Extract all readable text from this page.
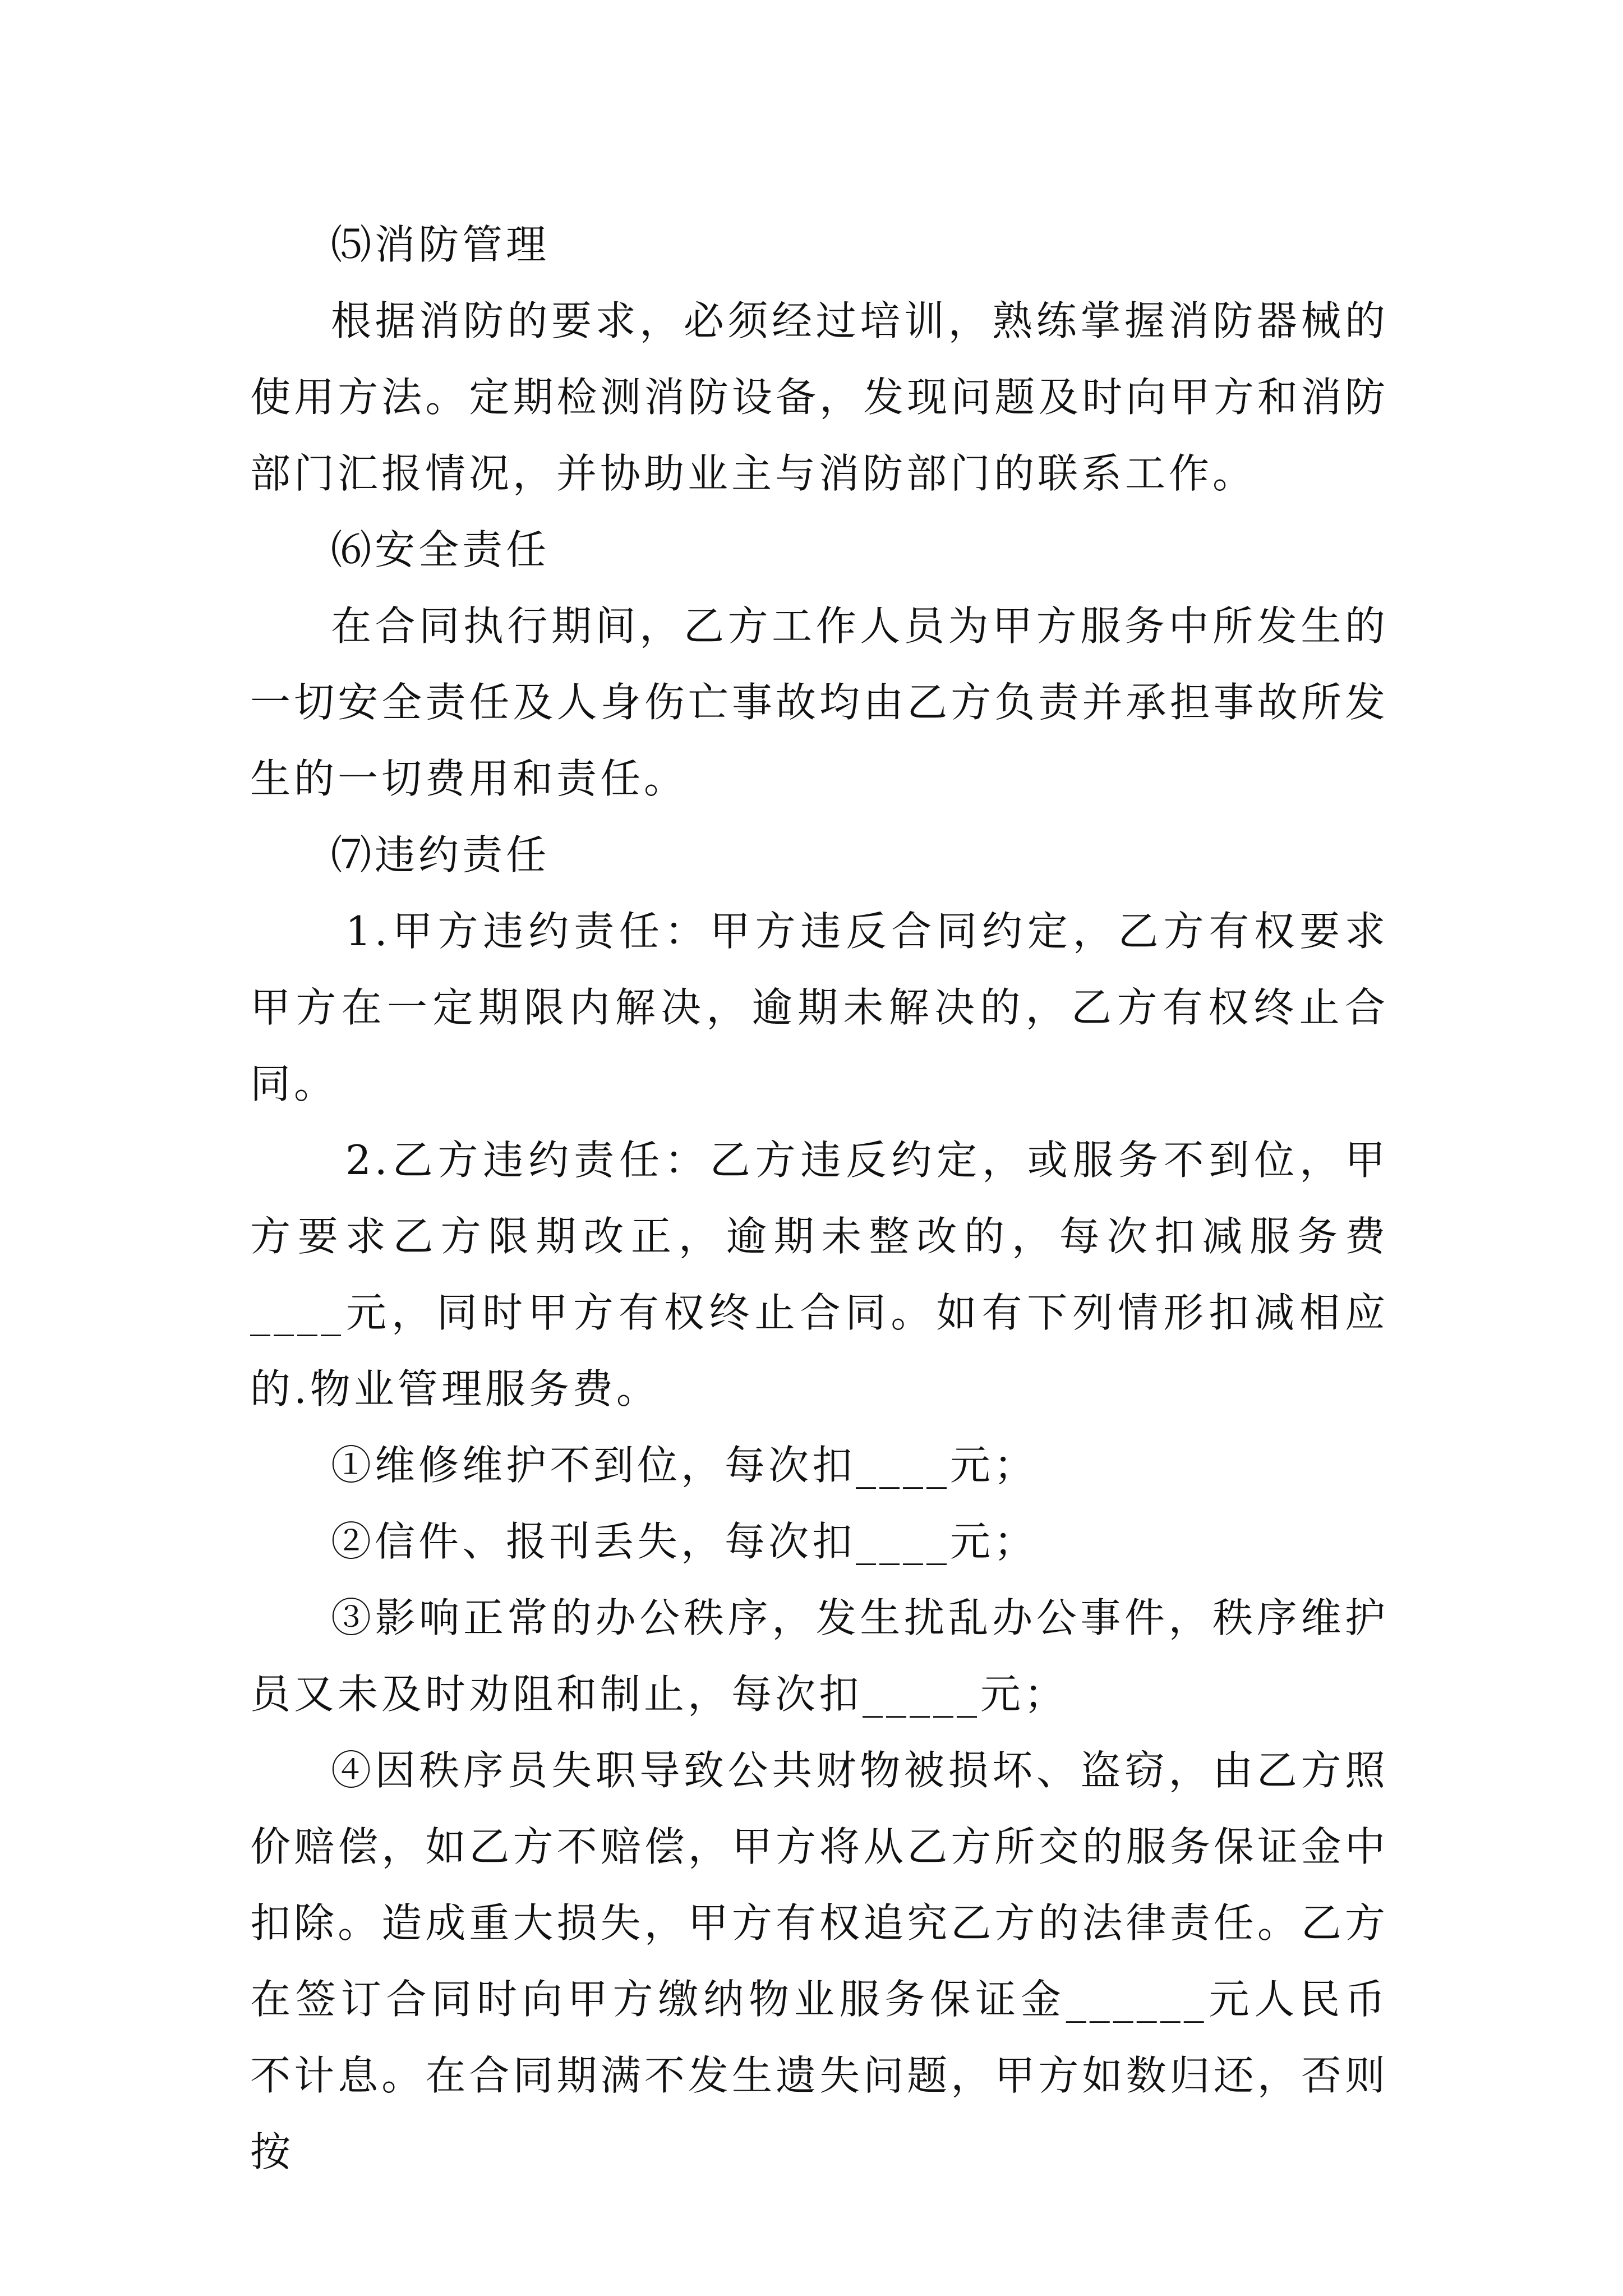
⑸消防管理

根据消防的要求，必须经过培训，熟练掌握消防器械的使用方法。定期检测消防设备，发现问题及时向甲方和消防部门汇报情况，并协助业主与消防部门的联系工作。

⑹安全责任

在合同执行期间，乙方工作人员为甲方服务中所发生的一切安全责任及人身伤亡事故均由乙方负责并承担事故所发生的一切费用和责任。

⑺违约责任

1.甲方违约责任：甲方违反合同约定，乙方有权要求甲方在一定期限内解决，逾期未解决的，乙方有权终止合同。

2.乙方违约责任：乙方违反约定，或服务不到位，甲方要求乙方限期改正，逾期未整改的，每次扣减服务费____元，同时甲方有权终止合同。如有下列情形扣减相应的.物业管理服务费。

①维修维护不到位，每次扣____元；

②信件、报刊丢失，每次扣____元；

③影响正常的办公秩序，发生扰乱办公事件，秩序维护员又未及时劝阻和制止，每次扣_____元；

④因秩序员失职导致公共财物被损坏、盗窃，由乙方照价赔偿，如乙方不赔偿，甲方将从乙方所交的服务保证金中扣除。造成重大损失，甲方有权追究乙方的法律责任。乙方在签订合同时向甲方缴纳物业服务保证金______元人民币不计息。在合同期满不发生遗失问题，甲方如数归还，否则按
